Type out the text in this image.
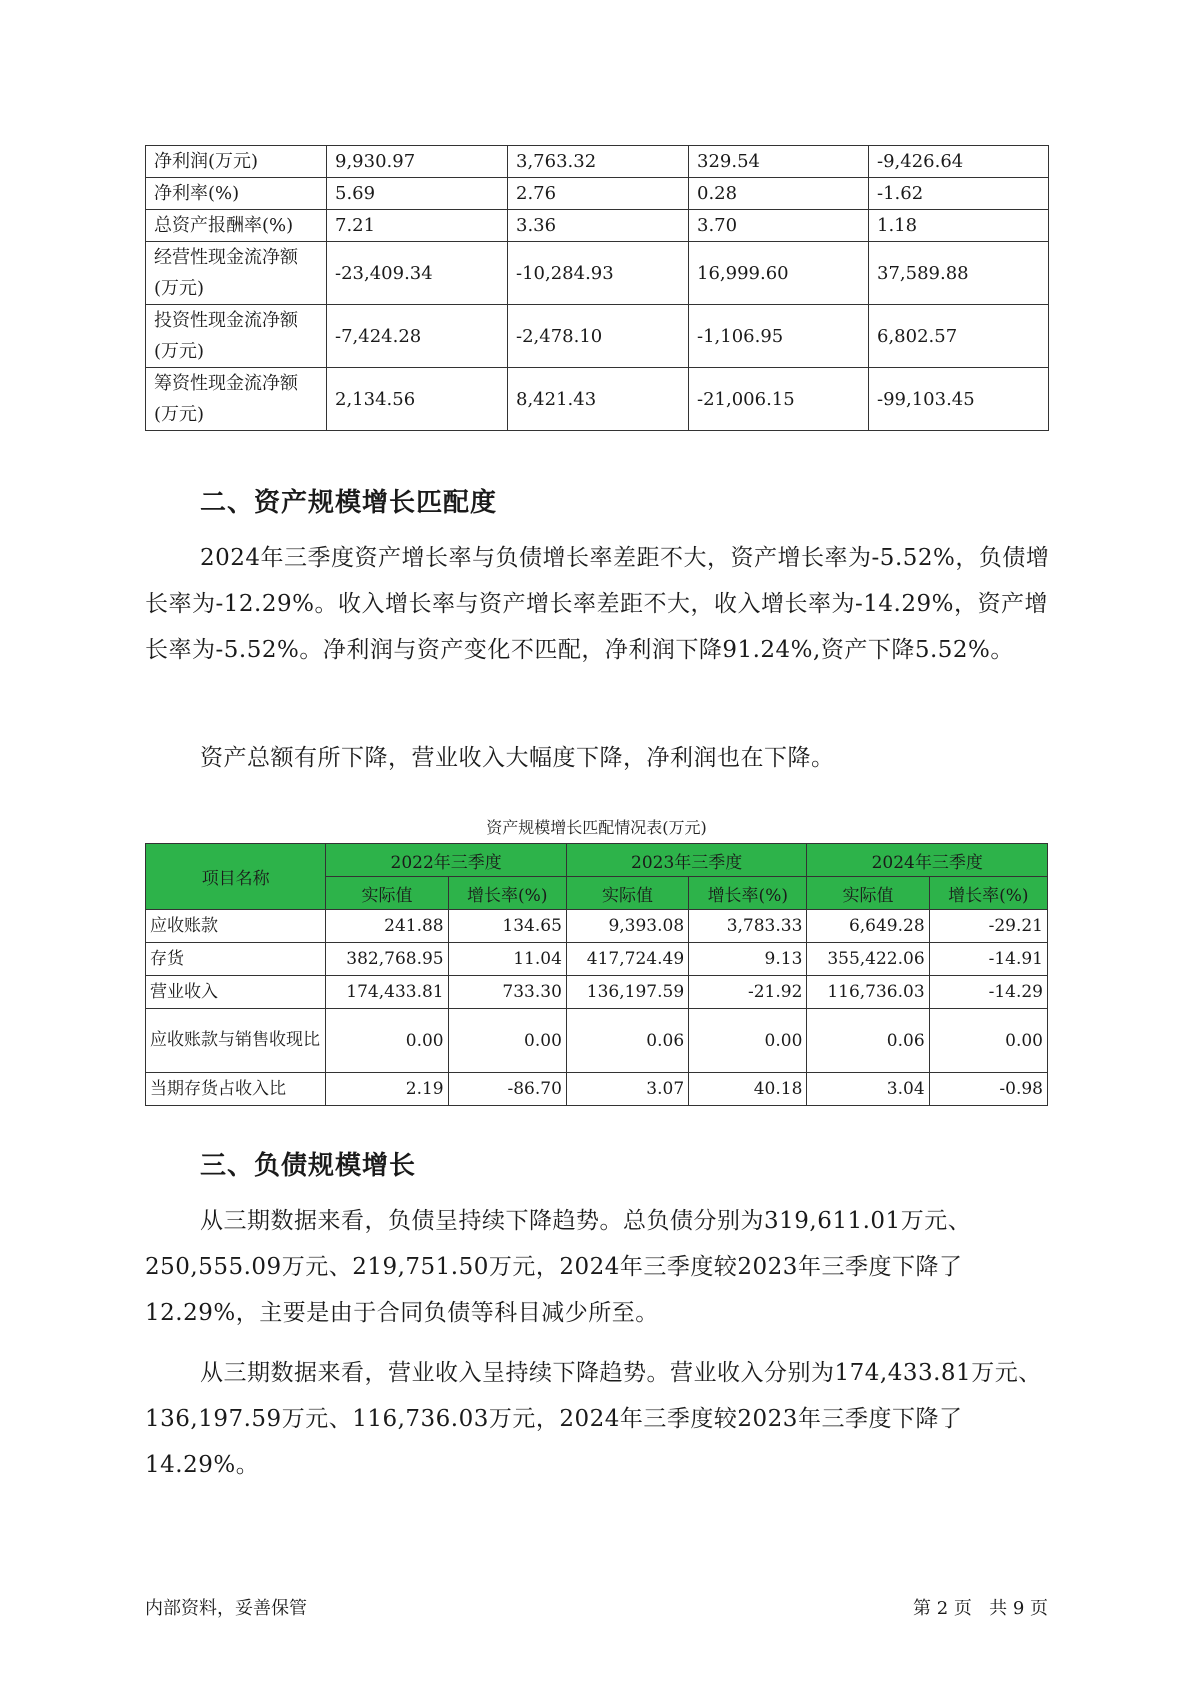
净利润(万元)	9,930.97	3,763.32	329.54	-9,426.64
净利率(%)	5.69	2.76	0.28	-1.62
总资产报酬率(%)	7.21	3.36	3.70	1.18
经营性现金流净额(万元)	-23,409.34	-10,284.93	16,999.60	37,589.88
投资性现金流净额(万元)	-7,424.28	-2,478.10	-1,106.95	6,802.57
筹资性现金流净额(万元)	2,134.56	8,421.43	-21,006.15	-99,103.45
二、资产规模增长匹配度

2024年三季度资产增长率与负债增长率差距不大，资产增长率为-5.52%，负债增长率为-12.29%。收入增长率与资产增长率差距不大，收入增长率为-14.29%，资产增长率为-5.52%。净利润与资产变化不匹配，净利润下降91.24%,资产下降5.52%。

资产总额有所下降，营业收入大幅度下降，净利润也在下降。

资产规模增长匹配情况表(万元)
项目名称	2022年三季度		2023年三季度		2024年三季度	
	实际值	增长率(%)	实际值	增长率(%)	实际值	增长率(%)
应收账款	241.88	134.65	9,393.08	3,783.33	6,649.28	-29.21
存货	382,768.95	11.04	417,724.49	9.13	355,422.06	-14.91
营业收入	174,433.81	733.30	136,197.59	-21.92	116,736.03	-14.29
应收账款与销售收现比	0.00	0.00	0.06	0.00	0.06	0.00
当期存货占收入比	2.19	-86.70	3.07	40.18	3.04	-0.98
三、负债规模增长

从三期数据来看，负债呈持续下降趋势。总负债分别为319,611.01万元、250,555.09万元、219,751.50万元，2024年三季度较2023年三季度下降了12.29%，主要是由于合同负债等科目减少所至。

从三期数据来看，营业收入呈持续下降趋势。营业收入分别为174,433.81万元、136,197.59万元、116,736.03万元，2024年三季度较2023年三季度下降了14.29%。

内部资料，妥善保管	第 2 页   共 9 页
